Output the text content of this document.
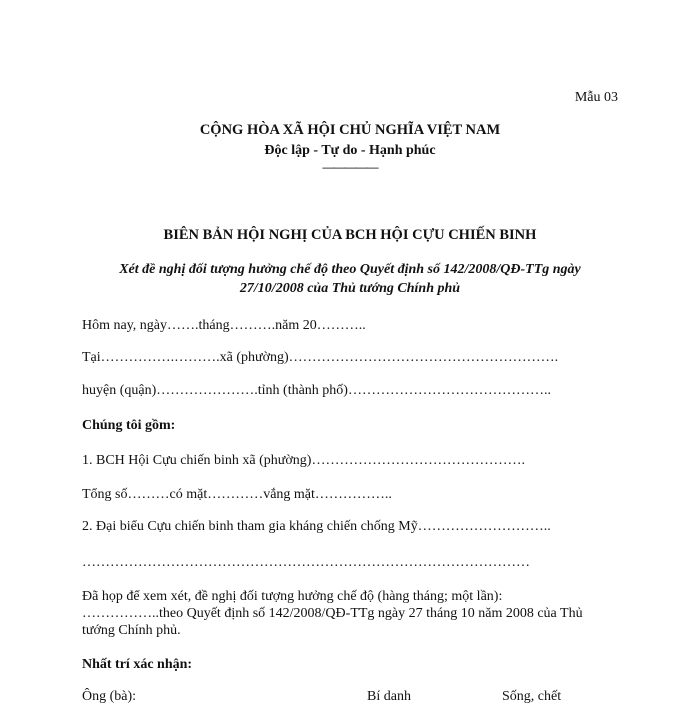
Mẫu 03
CỘNG HÒA XÃ HỘI CHỦ NGHĨA VIỆT NAM
Độc lập - Tự do - Hạnh phúc
—————
BIÊN BẢN HỘI NGHỊ CỦA BCH HỘI CỰU CHIẾN BINH
Xét đề nghị đối tượng hưởng chế độ theo Quyết định số 142/2008/QĐ-TTg ngày
27/10/2008 của Thủ tướng Chính phủ
Hôm nay, ngày…….tháng……….năm 20………..
Tại…………….……….xã (phường)………………………………………………….
huyện (quận)………………….tỉnh (thành phố)……………………………………..
Chúng tôi gồm:
1. BCH Hội Cựu chiến binh xã (phường)……………………………………….
Tổng số………có mặt…………vắng mặt……………..
2. Đại biểu Cựu chiến binh tham gia kháng chiến chống Mỹ………………………..
……………………………………………………………………………………
Đã họp để xem xét, đề nghị đối tượng hưởng chế độ (hàng tháng; một lần):
……………..theo Quyết định số 142/2008/QĐ-TTg ngày 27 tháng 10 năm 2008 của Thủ
tướng Chính phủ.
Nhất trí xác nhận:
Ông (bà):	Bí danh	Sống, chết
